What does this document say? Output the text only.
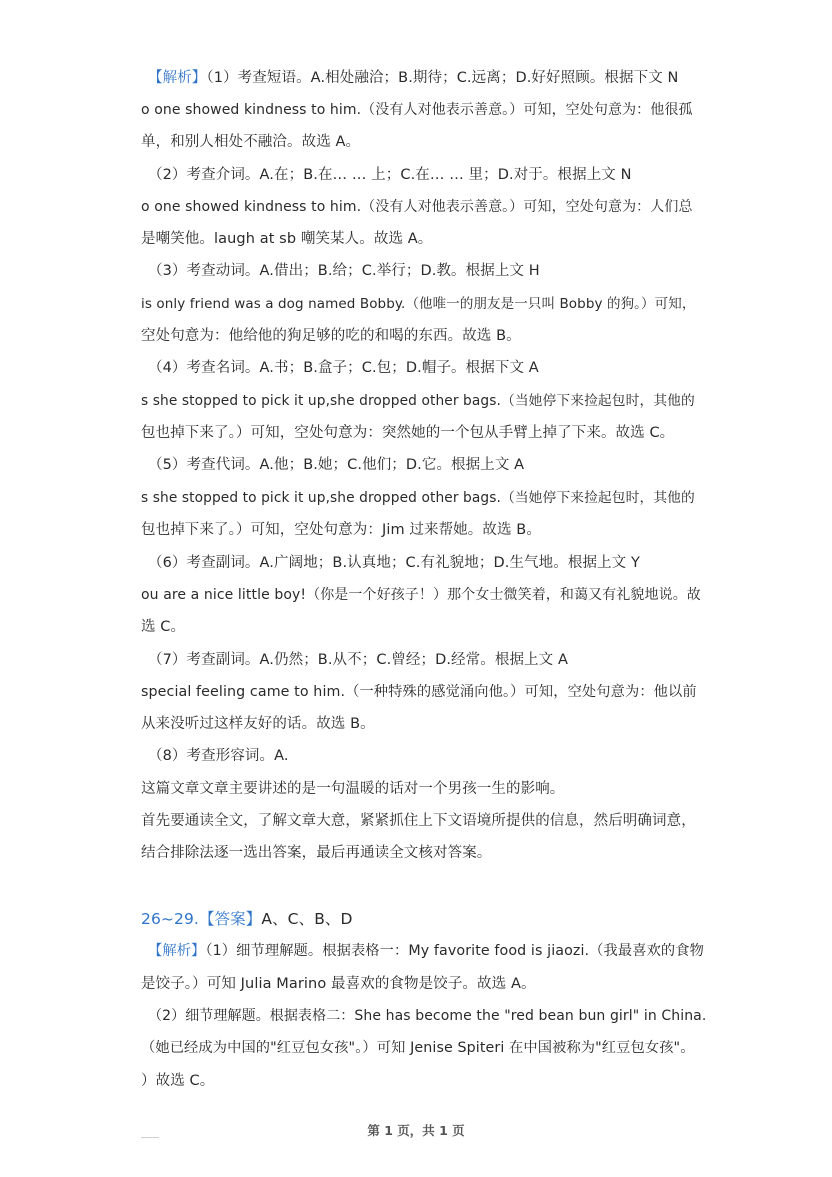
【解析】（1）考查短语。A.相处融洽；B.期待；C.远离；D.好好照顾。根据下文 N
o one showed kindness to him.（没有人对他表示善意。）可知，空处句意为：他很孤
单，和别人相处不融洽。故选 A。
（2）考查介词。A.在；B.在… … 上；C.在… … 里；D.对于。根据上文 N
o one showed kindness to him.（没有人对他表示善意。）可知，空处句意为：人们总
是嘲笑他。laugh at sb 嘲笑某人。故选 A。
（3）考查动词。A.借出；B.给；C.举行；D.教。根据上文 H
is only friend was a dog named Bobby.（他唯一的朋友是一只叫 Bobby 的狗。）可知，
空处句意为：他给他的狗足够的吃的和喝的东西。故选 B。
（4）考查名词。A.书；B.盒子；C.包；D.帽子。根据下文 A
s she stopped to pick it up,she dropped other bags.（当她停下来捡起包时，其他的
包也掉下来了。）可知，空处句意为：突然她的一个包从手臂上掉了下来。故选 C。
（5）考查代词。A.他；B.她；C.他们；D.它。根据上文 A
s she stopped to pick it up,she dropped other bags.（当她停下来捡起包时，其他的
包也掉下来了。）可知，空处句意为：Jim 过来帮她。故选 B。
（6）考查副词。A.广阔地；B.认真地；C.有礼貌地；D.生气地。根据上文 Y
ou are a nice little boy!（你是一个好孩子！）那个女士微笑着，和蔼又有礼貌地说。故
选 C。
（7）考查副词。A.仍然；B.从不；C.曾经；D.经常。根据上文 A
special feeling came to him.（一种特殊的感觉涌向他。）可知，空处句意为：他以前
从来没听过这样友好的话。故选 B。
（8）考查形容词。A.
这篇文章文章主要讲述的是一句温暖的话对一个男孩一生的影响。
首先要通读全文，了解文章大意，紧紧抓住上下文语境所提供的信息，然后明确词意，
结合排除法逐一选出答案，最后再通读全文核对答案。
26~29.【答案】A、C、B、D
【解析】（1）细节理解题。根据表格一：My favorite food is jiaozi.（我最喜欢的食物
是饺子。）可知 Julia Marino 最喜欢的食物是饺子。故选 A。
（2）细节理解题。根据表格二：She has become the "red bean bun girl" in China.
（她已经成为中国的"红豆包女孩"。）可知 Jenise Spiteri 在中国被称为"红豆包女孩"。
）故选 C。
第 1 页，共 1 页
